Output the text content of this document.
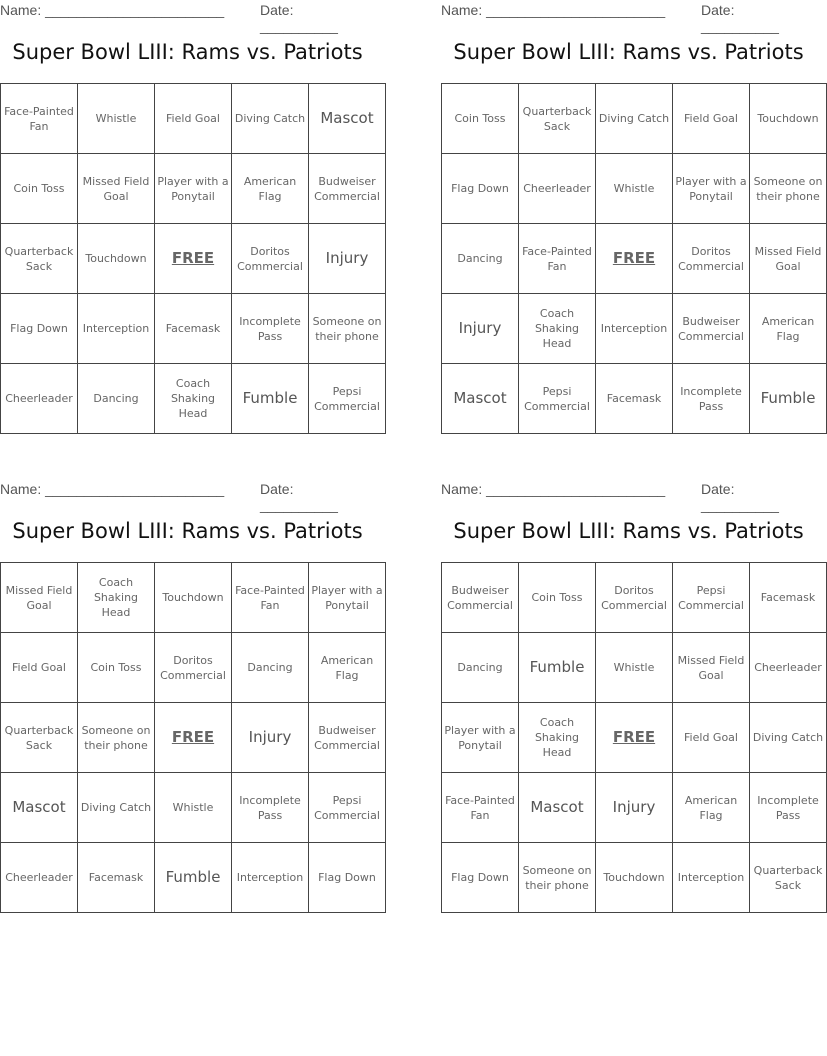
Name: _______________________	Date: __________
Super Bowl LIII: Rams vs. Patriots
Face-Painted Fan	Whistle	Field Goal	Diving Catch	Mascot
Coin Toss	Missed Field Goal	Player with a Ponytail	American Flag	Budweiser Commercial
Quarterback Sack	Touchdown	FREE	Doritos Commercial	Injury
Flag Down	Interception	Facemask	Incomplete Pass	Someone on their phone
Cheerleader	Dancing	Coach Shaking Head	Fumble	Pepsi Commercial
Name: _______________________	Date: __________
Super Bowl LIII: Rams vs. Patriots
Coin Toss	Quarterback Sack	Diving Catch	Field Goal	Touchdown
Flag Down	Cheerleader	Whistle	Player with a Ponytail	Someone on their phone
Dancing	Face-Painted Fan	FREE	Doritos Commercial	Missed Field Goal
Injury	Coach Shaking Head	Interception	Budweiser Commercial	American Flag
Mascot	Pepsi Commercial	Facemask	Incomplete Pass	Fumble
Name: _______________________	Date: __________
Super Bowl LIII: Rams vs. Patriots
Missed Field Goal	Coach Shaking Head	Touchdown	Face-Painted Fan	Player with a Ponytail
Field Goal	Coin Toss	Doritos Commercial	Dancing	American Flag
Quarterback Sack	Someone on their phone	FREE	Injury	Budweiser Commercial
Mascot	Diving Catch	Whistle	Incomplete Pass	Pepsi Commercial
Cheerleader	Facemask	Fumble	Interception	Flag Down
Name: _______________________	Date: __________
Super Bowl LIII: Rams vs. Patriots
Budweiser Commercial	Coin Toss	Doritos Commercial	Pepsi Commercial	Facemask
Dancing	Fumble	Whistle	Missed Field Goal	Cheerleader
Player with a Ponytail	Coach Shaking Head	FREE	Field Goal	Diving Catch
Face-Painted Fan	Mascot	Injury	American Flag	Incomplete Pass
Flag Down	Someone on their phone	Touchdown	Interception	Quarterback Sack
